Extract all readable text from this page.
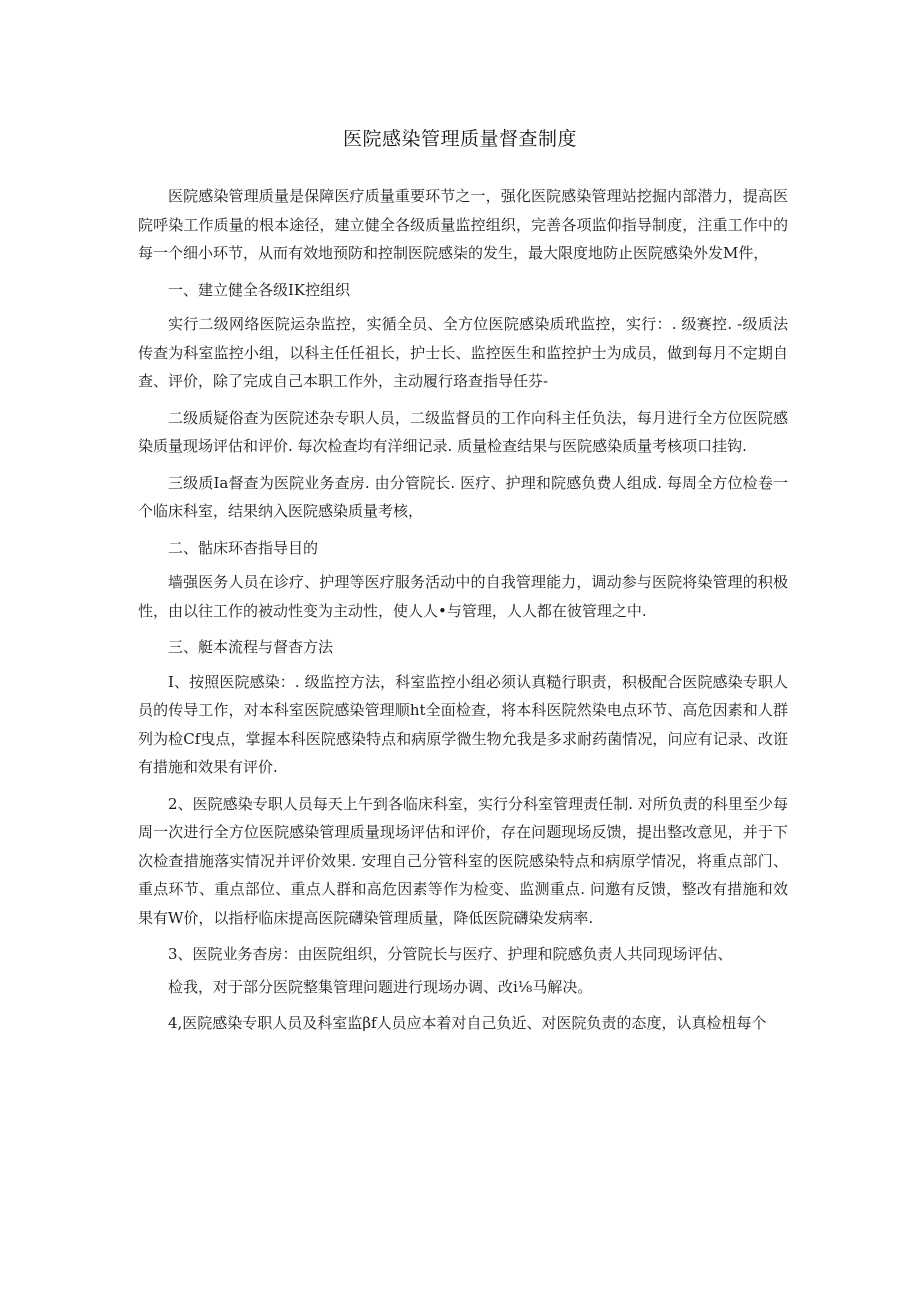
医院感染管理质量督查制度

医院感染管理质量是保障医疗质量重要环节之一，强化医院感染管理站挖掘内部潜力，提高医院呼染工作质量的根本途径，建立健全各级质量监控组织，完善各项监仰指导制度，注重工作中的每一个细小环节，从而有效地预防和控制医院感柒的发生，最大限度地防止医院感染外发M件，

一、建立健全各级IK控组织

实行二级网络医院运杂监控，实循全员、全方位医院感染质玳监控，实行：. 级赛控. -级质法传查为科室监控小组，以科主任任祖长，护士长、监控医生和监控护士为成员，做到每月不定期自查、评价，除了完成自己本职工作外，主动履行珞查指导任芬-

二级质疑俗查为医院述杂专职人员，二级监督员的工作向科主任负法，每月进行全方位医院感染质量现场评估和评价. 每次检查均有洋细记录. 质量检查结果与医院感染质量考核项口挂钩.

三级质Ia督查为医院业务查房. 由分管院长. 医疗、护理和院感负费人组成. 每周全方位检卷一个临床科室，结果纳入医院感染质量考核，

二、骷床环杳指导目的

墙强医务人员在诊疗、护理等医疗服务活动中的自我管理能力，调动参与医院将染管理的积极性，由以往工作的被动性变为主动性，使人人•与管理，人人都在彼管理之中.

三、艇本流程与督杳方法

I、按照医院感染：. 级监控方法，科室监控小组必须认真糙行职责，积极配合医院感染专职人员的传导工作，对本科室医院感染管理顺ht全面检查，将本科医院然染电点环节、高危因素和人群列为检Cf曳点，掌握本科医院感染特点和病原学微生物允我是多求耐药菌情况，问应有记录、改诳有措施和效果有评价.

2、医院感染专职人员每天上午到各临床科室，实行分科室管理责任制. 对所负责的科里至少每周一次进行全方位医院感染管理质量现场评估和评价，存在问题现场反馈，提出整改意见，并于下次检查措施落实情况并评价效果. 安理自己分管科室的医院感染特点和病原学情况，将重点部门、重点环节、重点部位、重点人群和高危因素等作为检变、监测重点. 问邀有反馈，整改有措施和效果有W价，以指杼临床提高医院礴染管理质量，降低医院礴染发病率.

3、医院业务杳房：由医院组织，分管院长与医疗、护理和院感负责人共同现场评估、

检我，对于部分医院整集管理问题进行现场办调、改i⅛马解决。

4,医院感染专职人员及科室监βf人员应本着对自己负近、对医院负责的态度，认真检杻每个
